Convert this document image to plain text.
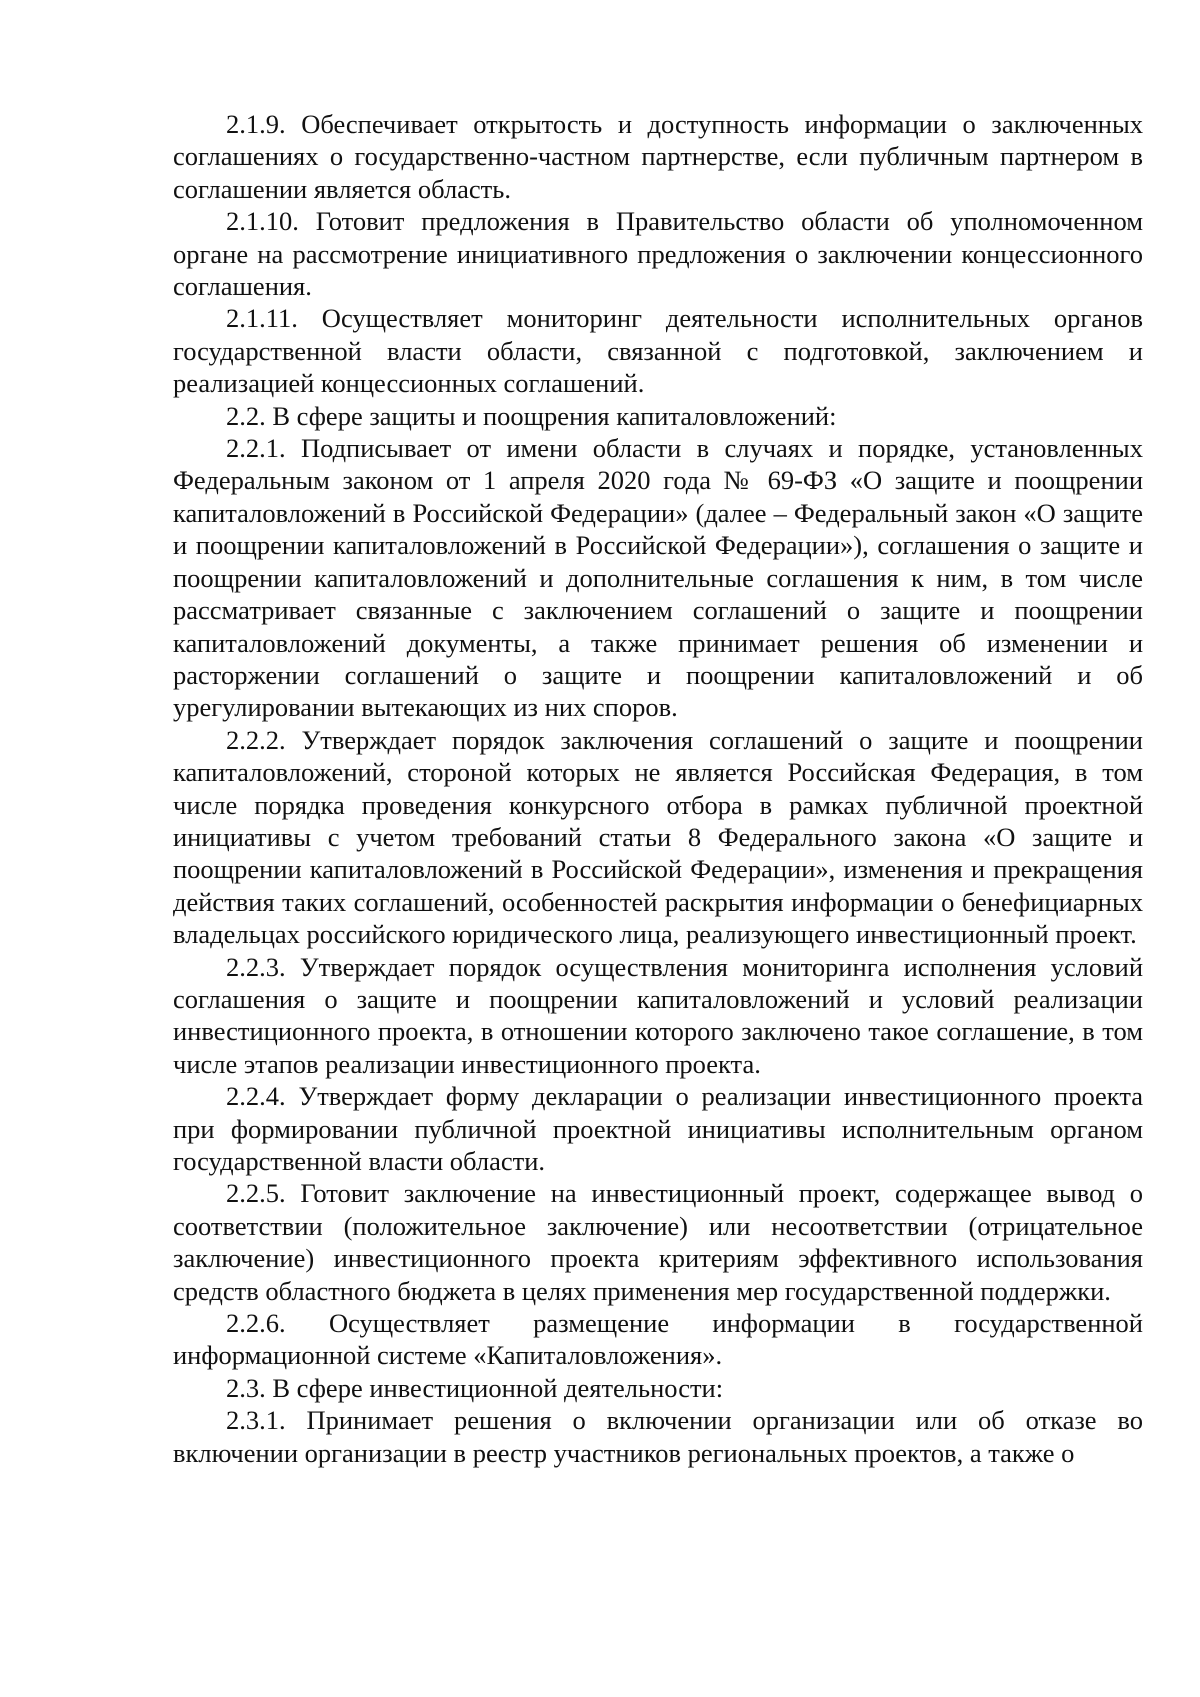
2.1.9. Обеспечивает открытость и доступность информации о заключенных соглашениях о государственно-частном партнерстве, если публичным партнером в соглашении является область.

2.1.10. Готовит предложения в Правительство области об уполномоченном органе на рассмотрение инициативного предложения о заключении концессионного соглашения.

2.1.11. Осуществляет мониторинг деятельности исполнительных органов государственной власти области, связанной с подготовкой, заключением и реализацией концессионных соглашений.

2.2. В сфере защиты и поощрения капиталовложений:

2.2.1. Подписывает от имени области в случаях и порядке, установленных Федеральным законом от 1 апреля 2020 года № 69-ФЗ «О защите и поощрении капиталовложений в Российской Федерации» (далее – Федеральный закон «О защите и поощрении капиталовложений в Российской Федерации»), соглашения о защите и поощрении капиталовложений и дополнительные соглашения к ним, в том числе рассматривает связанные с заключением соглашений о защите и поощрении капиталовложений документы, а также принимает решения об изменении и расторжении соглашений о защите и поощрении капиталовложений и об урегулировании вытекающих из них споров.

2.2.2. Утверждает порядок заключения соглашений о защите и поощрении капиталовложений, стороной которых не является Российская Федерация, в том числе порядка проведения конкурсного отбора в рамках публичной проектной инициативы с учетом требований статьи 8 Федерального закона «О защите и поощрении капиталовложений в Российской Федерации», изменения и прекращения действия таких соглашений, особенностей раскрытия информации о бенефициарных владельцах российского юридического лица, реализующего инвестиционный проект.

2.2.3. Утверждает порядок осуществления мониторинга исполнения условий соглашения о защите и поощрении капиталовложений и условий реализации инвестиционного проекта, в отношении которого заключено такое соглашение, в том числе этапов реализации инвестиционного проекта.

2.2.4. Утверждает форму декларации о реализации инвестиционного проекта при формировании публичной проектной инициативы исполнительным органом государственной власти области.

2.2.5. Готовит заключение на инвестиционный проект, содержащее вывод о соответствии (положительное заключение) или несоответствии (отрицательное заключение) инвестиционного проекта критериям эффективного использования средств областного бюджета в целях применения мер государственной поддержки.

2.2.6. Осуществляет размещение информации в государственной информационной системе «Капиталовложения».

2.3. В сфере инвестиционной деятельности:

2.3.1. Принимает решения о включении организации или об отказе во включении организации в реестр участников региональных проектов, а также о
